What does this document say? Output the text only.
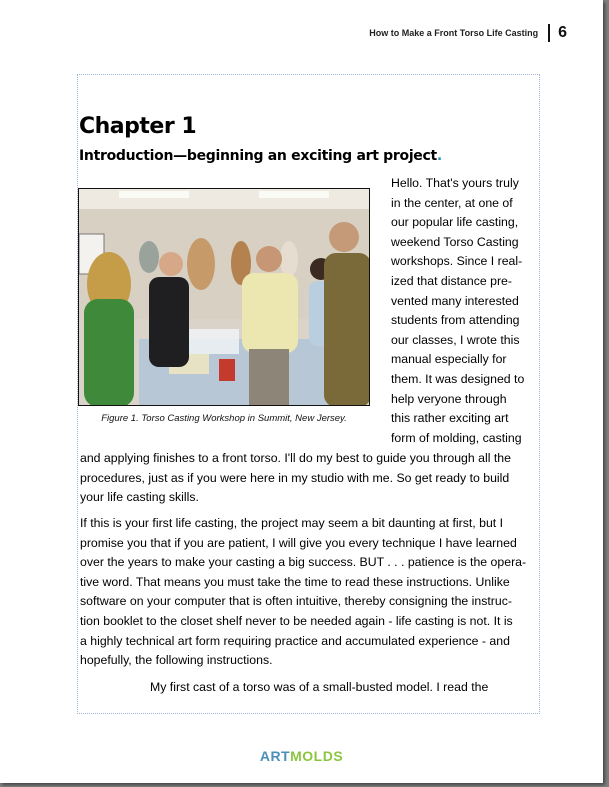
How to Make a Front Torso Life Casting 6
Chapter 1
Introduction—beginning an exciting art project.
Figure 1. Torso Casting Workshop in Summit, New Jersey.
Hello. That's yours truly
in the center, at one of
our popular life casting,
weekend Torso Casting
workshops. Since I real-
ized that distance pre-
vented many interested
students from attending
our classes, I wrote this
manual especially for
them. It was designed to
help veryone through
this rather exciting art
form of molding, casting
and applying finishes to a front torso. I'll do my best to guide you through all the
procedures, just as if you were here in my studio with me. So get ready to build
your life casting skills.
If this is your first life casting, the project may seem a bit daunting at first, but I
promise you that if you are patient, I will give you every technique I have learned
over the years to make your casting a big success. BUT . . . patience is the opera-
tive word. That means you must take the time to read these instructions. Unlike
software on your computer that is often intuitive, thereby consigning the instruc-
tion booklet to the closet shelf never to be needed again - life casting is not. It is
a highly technical art form requiring practice and accumulated experience - and
hopefully, the following instructions.
My first cast of a torso was of a small-busted model. I read the
ARTMOLDS
